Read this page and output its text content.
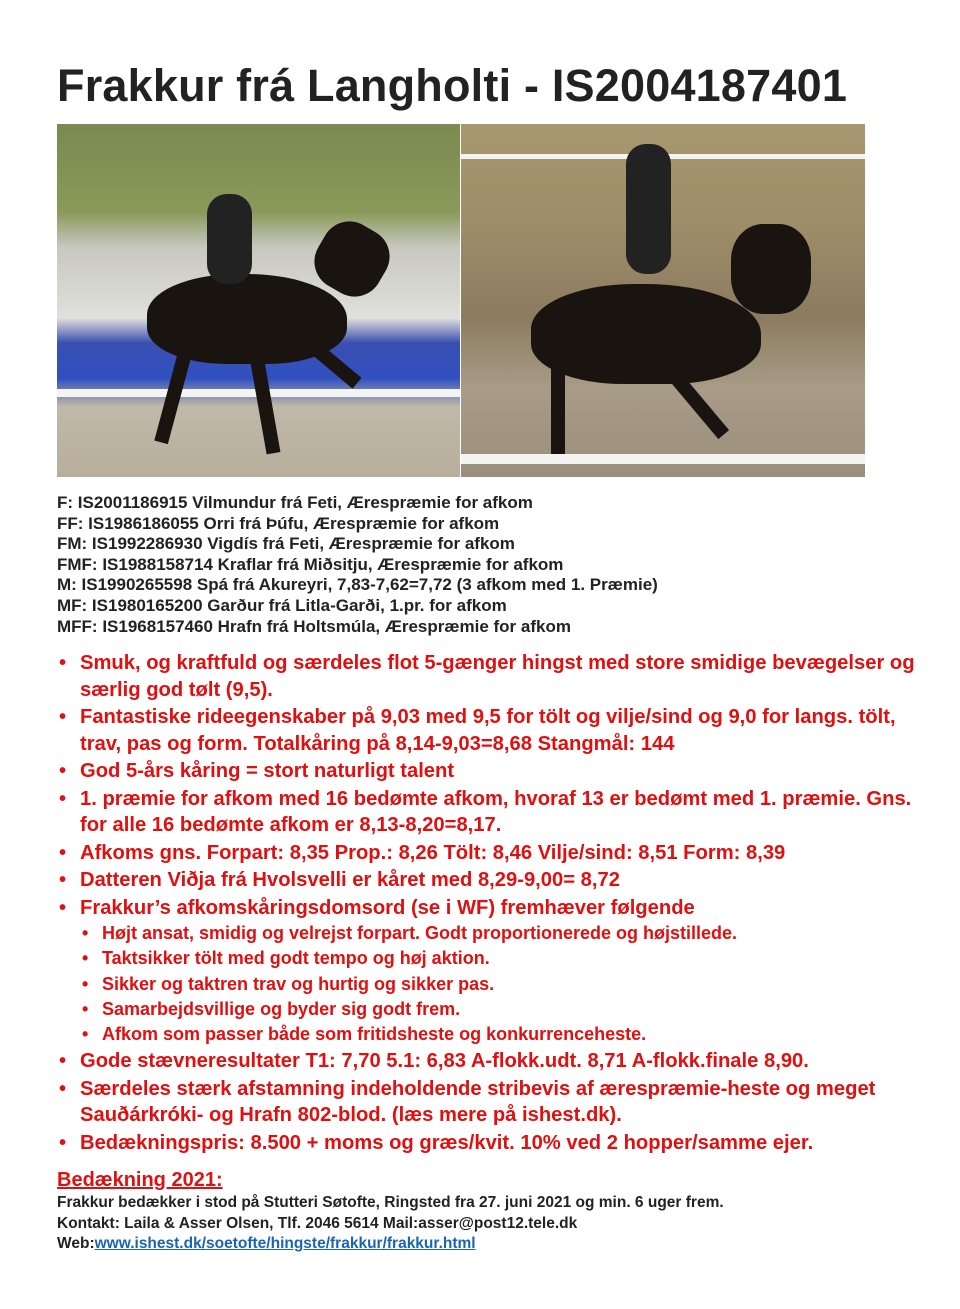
Frakkur frá Langholti - IS2004187401
F: IS2001186915 Vilmundur frá Feti, Ærespræmie for afkom
FF: IS1986186055 Orri frá Þúfu, Ærespræmie for afkom
FM: IS1992286930 Vigdís frá Feti, Ærespræmie for afkom
FMF: IS1988158714 Kraflar frá Miðsitju, Ærespræmie for afkom
M: IS1990265598 Spá frá Akureyri, 7,83-7,62=7,72 (3 afkom med 1. Præmie)
MF: IS1980165200 Garður frá Litla-Garði, 1.pr. for afkom
MFF: IS1968157460 Hrafn frá Holtsmúla, Ærespræmie for afkom
• Smuk, og kraftfuld og særdeles flot 5-gænger hingst med store smidige bevægelser og særlig god tølt (9,5).
• Fantastiske rideegenskaber på 9,03 med 9,5 for tölt og vilje/sind og 9,0 for langs. tölt, trav, pas og form. Totalkåring på 8,14-9,03=8,68 Stangmål: 144
• God 5-års kåring = stort naturligt talent
• 1. præmie for afkom med 16 bedømte afkom, hvoraf 13 er bedømt med 1. præmie. Gns. for alle 16 bedømte afkom er 8,13-8,20=8,17.
• Afkoms gns. Forpart: 8,35 Prop.: 8,26 Tölt: 8,46 Vilje/sind: 8,51 Form: 8,39
• Datteren Viðja frá Hvolsvelli er kåret med 8,29-9,00= 8,72
• Frakkur’s afkomskåringsdomsord (se i WF) fremhæver følgende
• Højt ansat, smidig og velrejst forpart. Godt proportionerede og højstillede.
• Taktsikker tölt med godt tempo og høj aktion.
• Sikker og taktren trav og hurtig og sikker pas.
• Samarbejdsvillige og byder sig godt frem.
• Afkom som passer både som fritidsheste og konkurrenceheste.
• Gode stævneresultater T1: 7,70 5.1: 6,83 A-flokk.udt. 8,71 A-flokk.finale 8,90.
• Særdeles stærk afstamning indeholdende stribevis af ærespræmie-heste og meget Sauðárkróki- og Hrafn 802-blod. (læs mere på ishest.dk).
• Bedækningspris: 8.500 + moms og græs/kvit. 10% ved 2 hopper/samme ejer.
Bedækning 2021:
Frakkur bedækker i stod på Stutteri Søtofte, Ringsted fra 27. juni 2021 og min. 6 uger frem.
Kontakt: Laila & Asser Olsen, Tlf. 2046 5614 Mail:asser@post12.tele.dk
Web:www.ishest.dk/soetofte/hingste/frakkur/frakkur.html
